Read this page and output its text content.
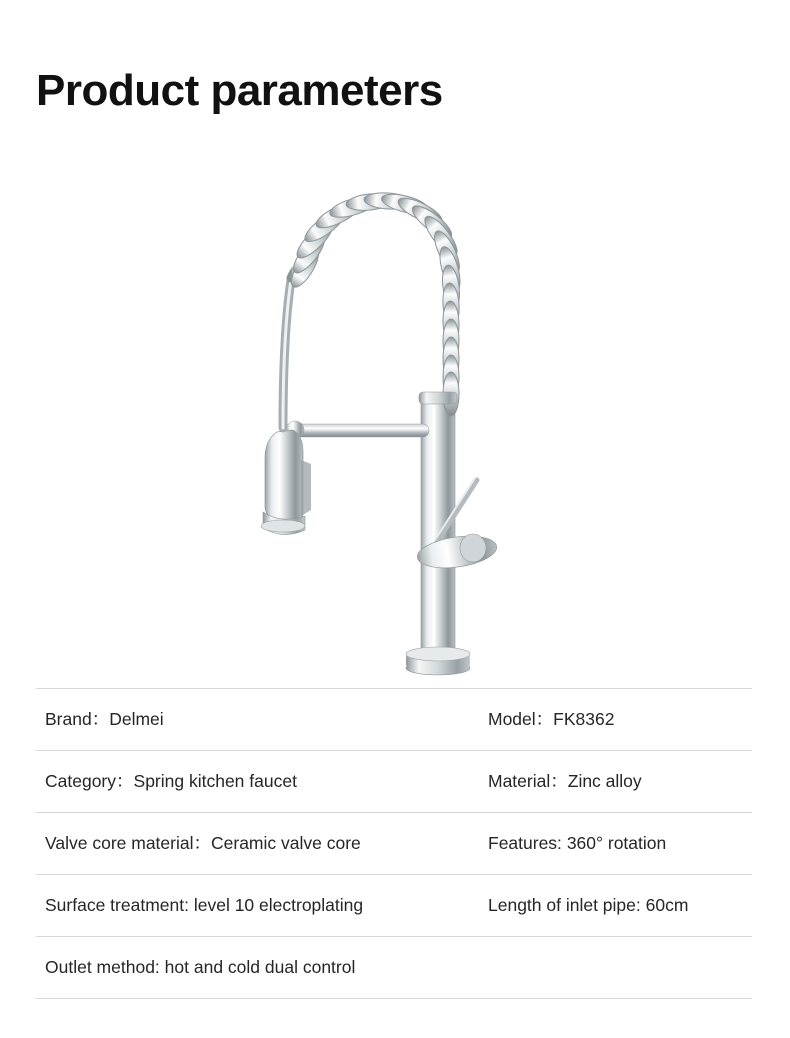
Product parameters
Brand：Delmei	Model：FK8362
Category：Spring kitchen faucet	Material：Zinc alloy
Valve core material：Ceramic valve core	Features: 360° rotation
Surface treatment: level 10 electroplating	Length of inlet pipe: 60cm
Outlet method: hot and cold dual control
